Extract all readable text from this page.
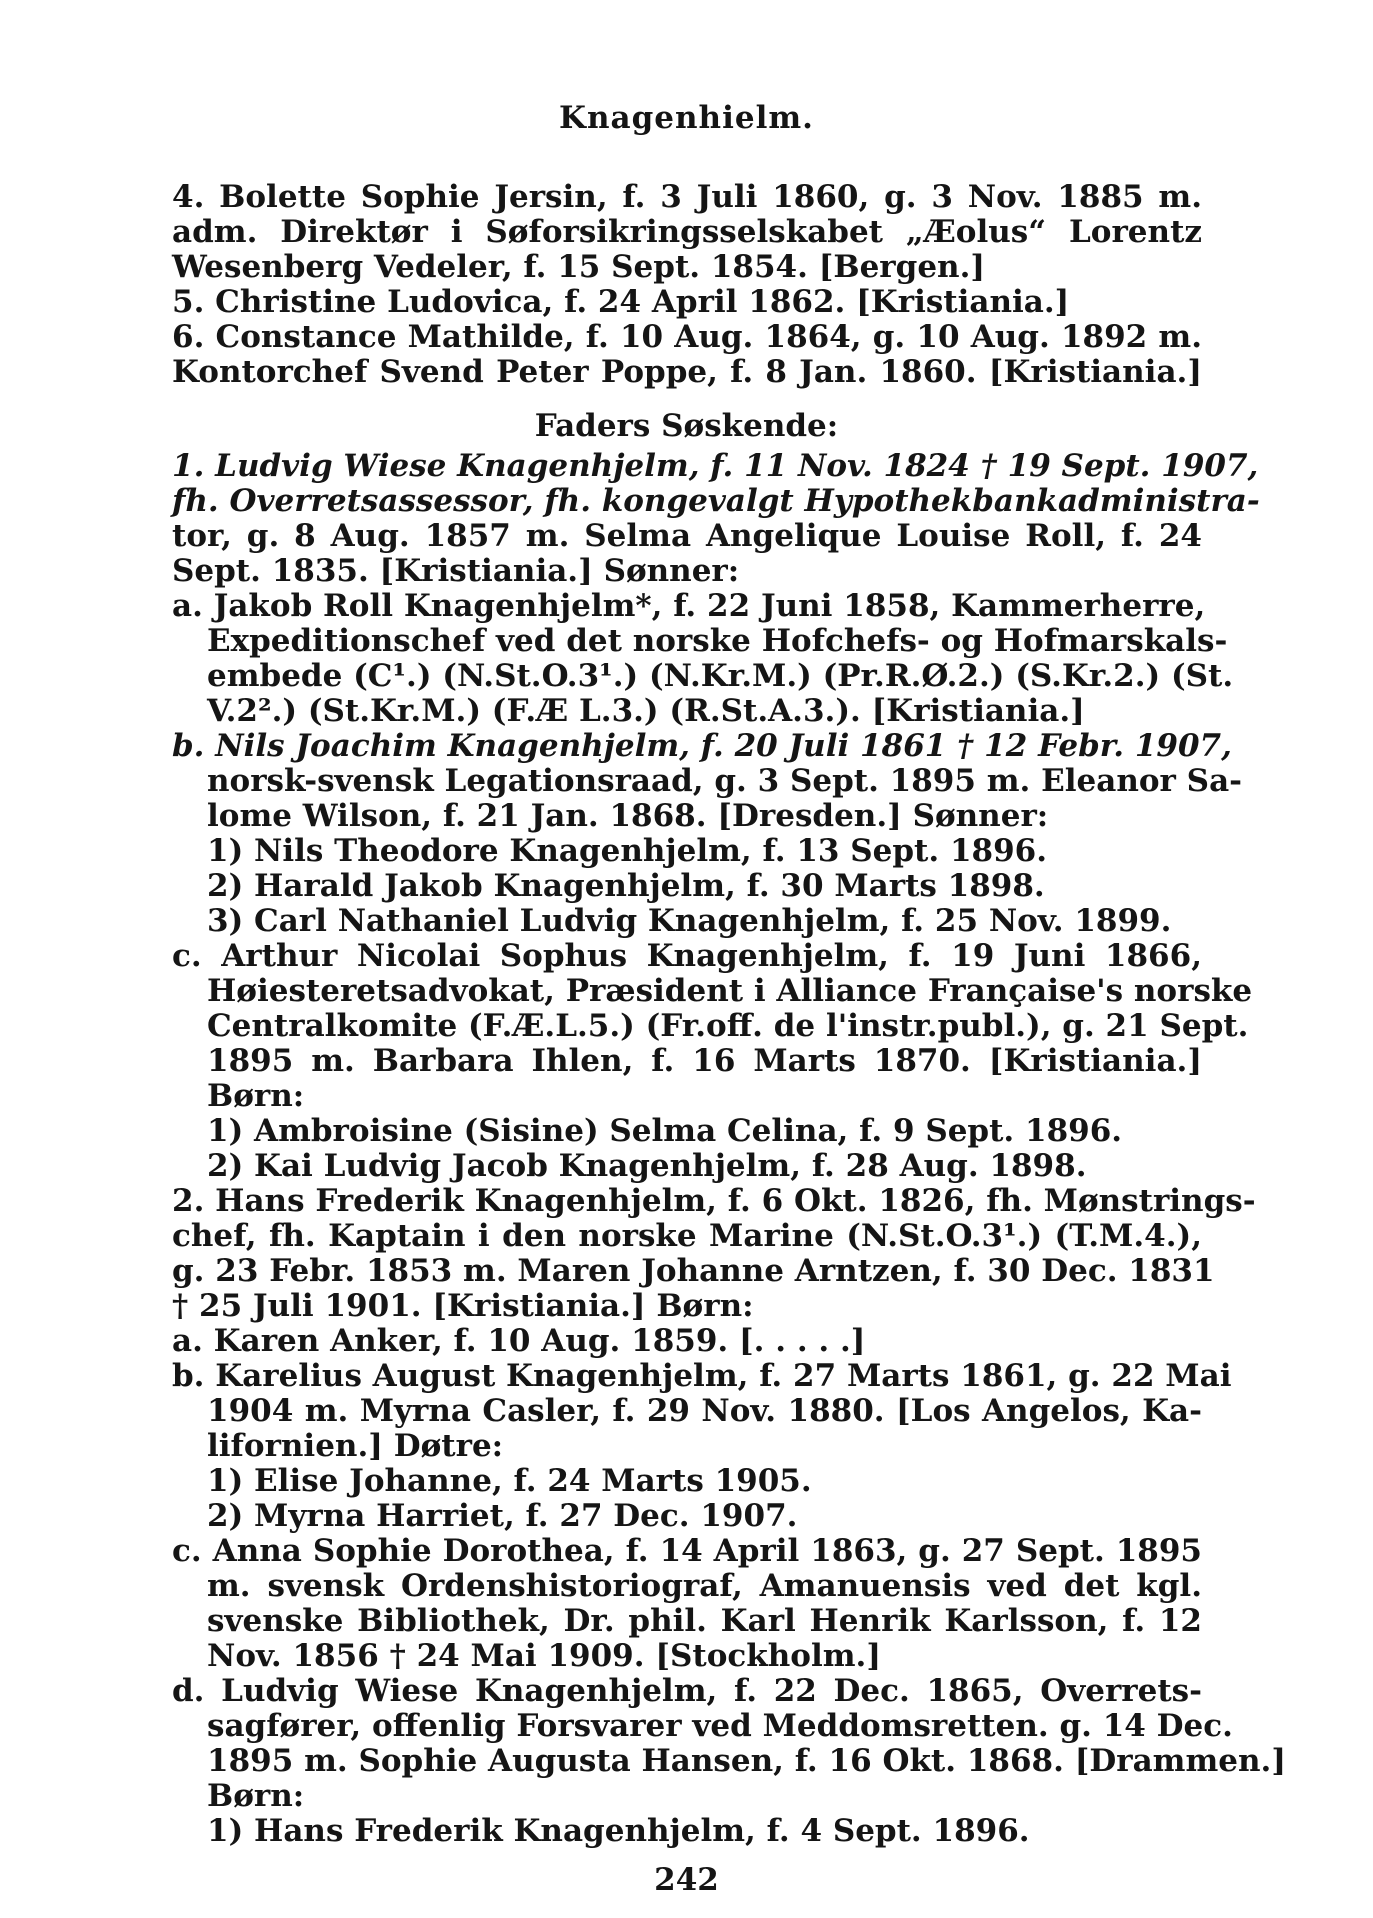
Knagenhielm.
4. Bolette Sophie Jersin, f. 3 Juli 1860, g. 3 Nov. 1885 m.
adm. Direktør i Søforsikringsselskabet „Æolus“ Lorentz
Wesenberg Vedeler, f. 15 Sept. 1854. [Bergen.]
5. Christine Ludovica, f. 24 April 1862. [Kristiania.]
6. Constance Mathilde, f. 10 Aug. 1864, g. 10 Aug. 1892 m.
Kontorchef Svend Peter Poppe, f. 8 Jan. 1860. [Kristiania.]
Faders Søskende:
1. Ludvig Wiese Knagenhjelm, f. 11 Nov. 1824 † 19 Sept. 1907,
fh. Overretsassessor, fh. kongevalgt Hypothekbankadministra-
tor, g. 8 Aug. 1857 m. Selma Angelique Louise Roll, f. 24
Sept. 1835. [Kristiania.] Sønner:
a. Jakob Roll Knagenhjelm*, f. 22 Juni 1858, Kammerherre,
Expeditionschef ved det norske Hofchefs- og Hofmarskals-
embede (C¹.) (N.St.O.3¹.) (N.Kr.M.) (Pr.R.Ø.2.) (S.Kr.2.) (St.
V.2².) (St.Kr.M.) (F.Æ L.3.) (R.St.A.3.). [Kristiania.]
b. Nils Joachim Knagenhjelm, f. 20 Juli 1861 † 12 Febr. 1907,
norsk-svensk Legationsraad, g. 3 Sept. 1895 m. Eleanor Sa-
lome Wilson, f. 21 Jan. 1868. [Dresden.] Sønner:
1) Nils Theodore Knagenhjelm, f. 13 Sept. 1896.
2) Harald Jakob Knagenhjelm, f. 30 Marts 1898.
3) Carl Nathaniel Ludvig Knagenhjelm, f. 25 Nov. 1899.
c. Arthur Nicolai Sophus Knagenhjelm, f. 19 Juni 1866,
Høiesteretsadvokat, Præsident i Alliance Française's norske
Centralkomite (F.Æ.L.5.) (Fr.off. de l'instr.publ.), g. 21 Sept.
1895 m. Barbara Ihlen, f. 16 Marts 1870. [Kristiania.]
Børn:
1) Ambroisine (Sisine) Selma Celina, f. 9 Sept. 1896.
2) Kai Ludvig Jacob Knagenhjelm, f. 28 Aug. 1898.
2. Hans Frederik Knagenhjelm, f. 6 Okt. 1826, fh. Mønstrings-
chef, fh. Kaptain i den norske Marine (N.St.O.3¹.) (T.M.4.),
g. 23 Febr. 1853 m. Maren Johanne Arntzen, f. 30 Dec. 1831
† 25 Juli 1901. [Kristiania.] Børn:
a. Karen Anker, f. 10 Aug. 1859. [. . . . .]
b. Karelius August Knagenhjelm, f. 27 Marts 1861, g. 22 Mai
1904 m. Myrna Casler, f. 29 Nov. 1880. [Los Angelos, Ka-
lifornien.] Døtre:
1) Elise Johanne, f. 24 Marts 1905.
2) Myrna Harriet, f. 27 Dec. 1907.
c. Anna Sophie Dorothea, f. 14 April 1863, g. 27 Sept. 1895
m. svensk Ordenshistoriograf, Amanuensis ved det kgl.
svenske Bibliothek, Dr. phil. Karl Henrik Karlsson, f. 12
Nov. 1856 † 24 Mai 1909. [Stockholm.]
d. Ludvig Wiese Knagenhjelm, f. 22 Dec. 1865, Overrets-
sagfører, offenlig Forsvarer ved Meddomsretten. g. 14 Dec.
1895 m. Sophie Augusta Hansen, f. 16 Okt. 1868. [Drammen.]
Børn:
1) Hans Frederik Knagenhjelm, f. 4 Sept. 1896.
242
